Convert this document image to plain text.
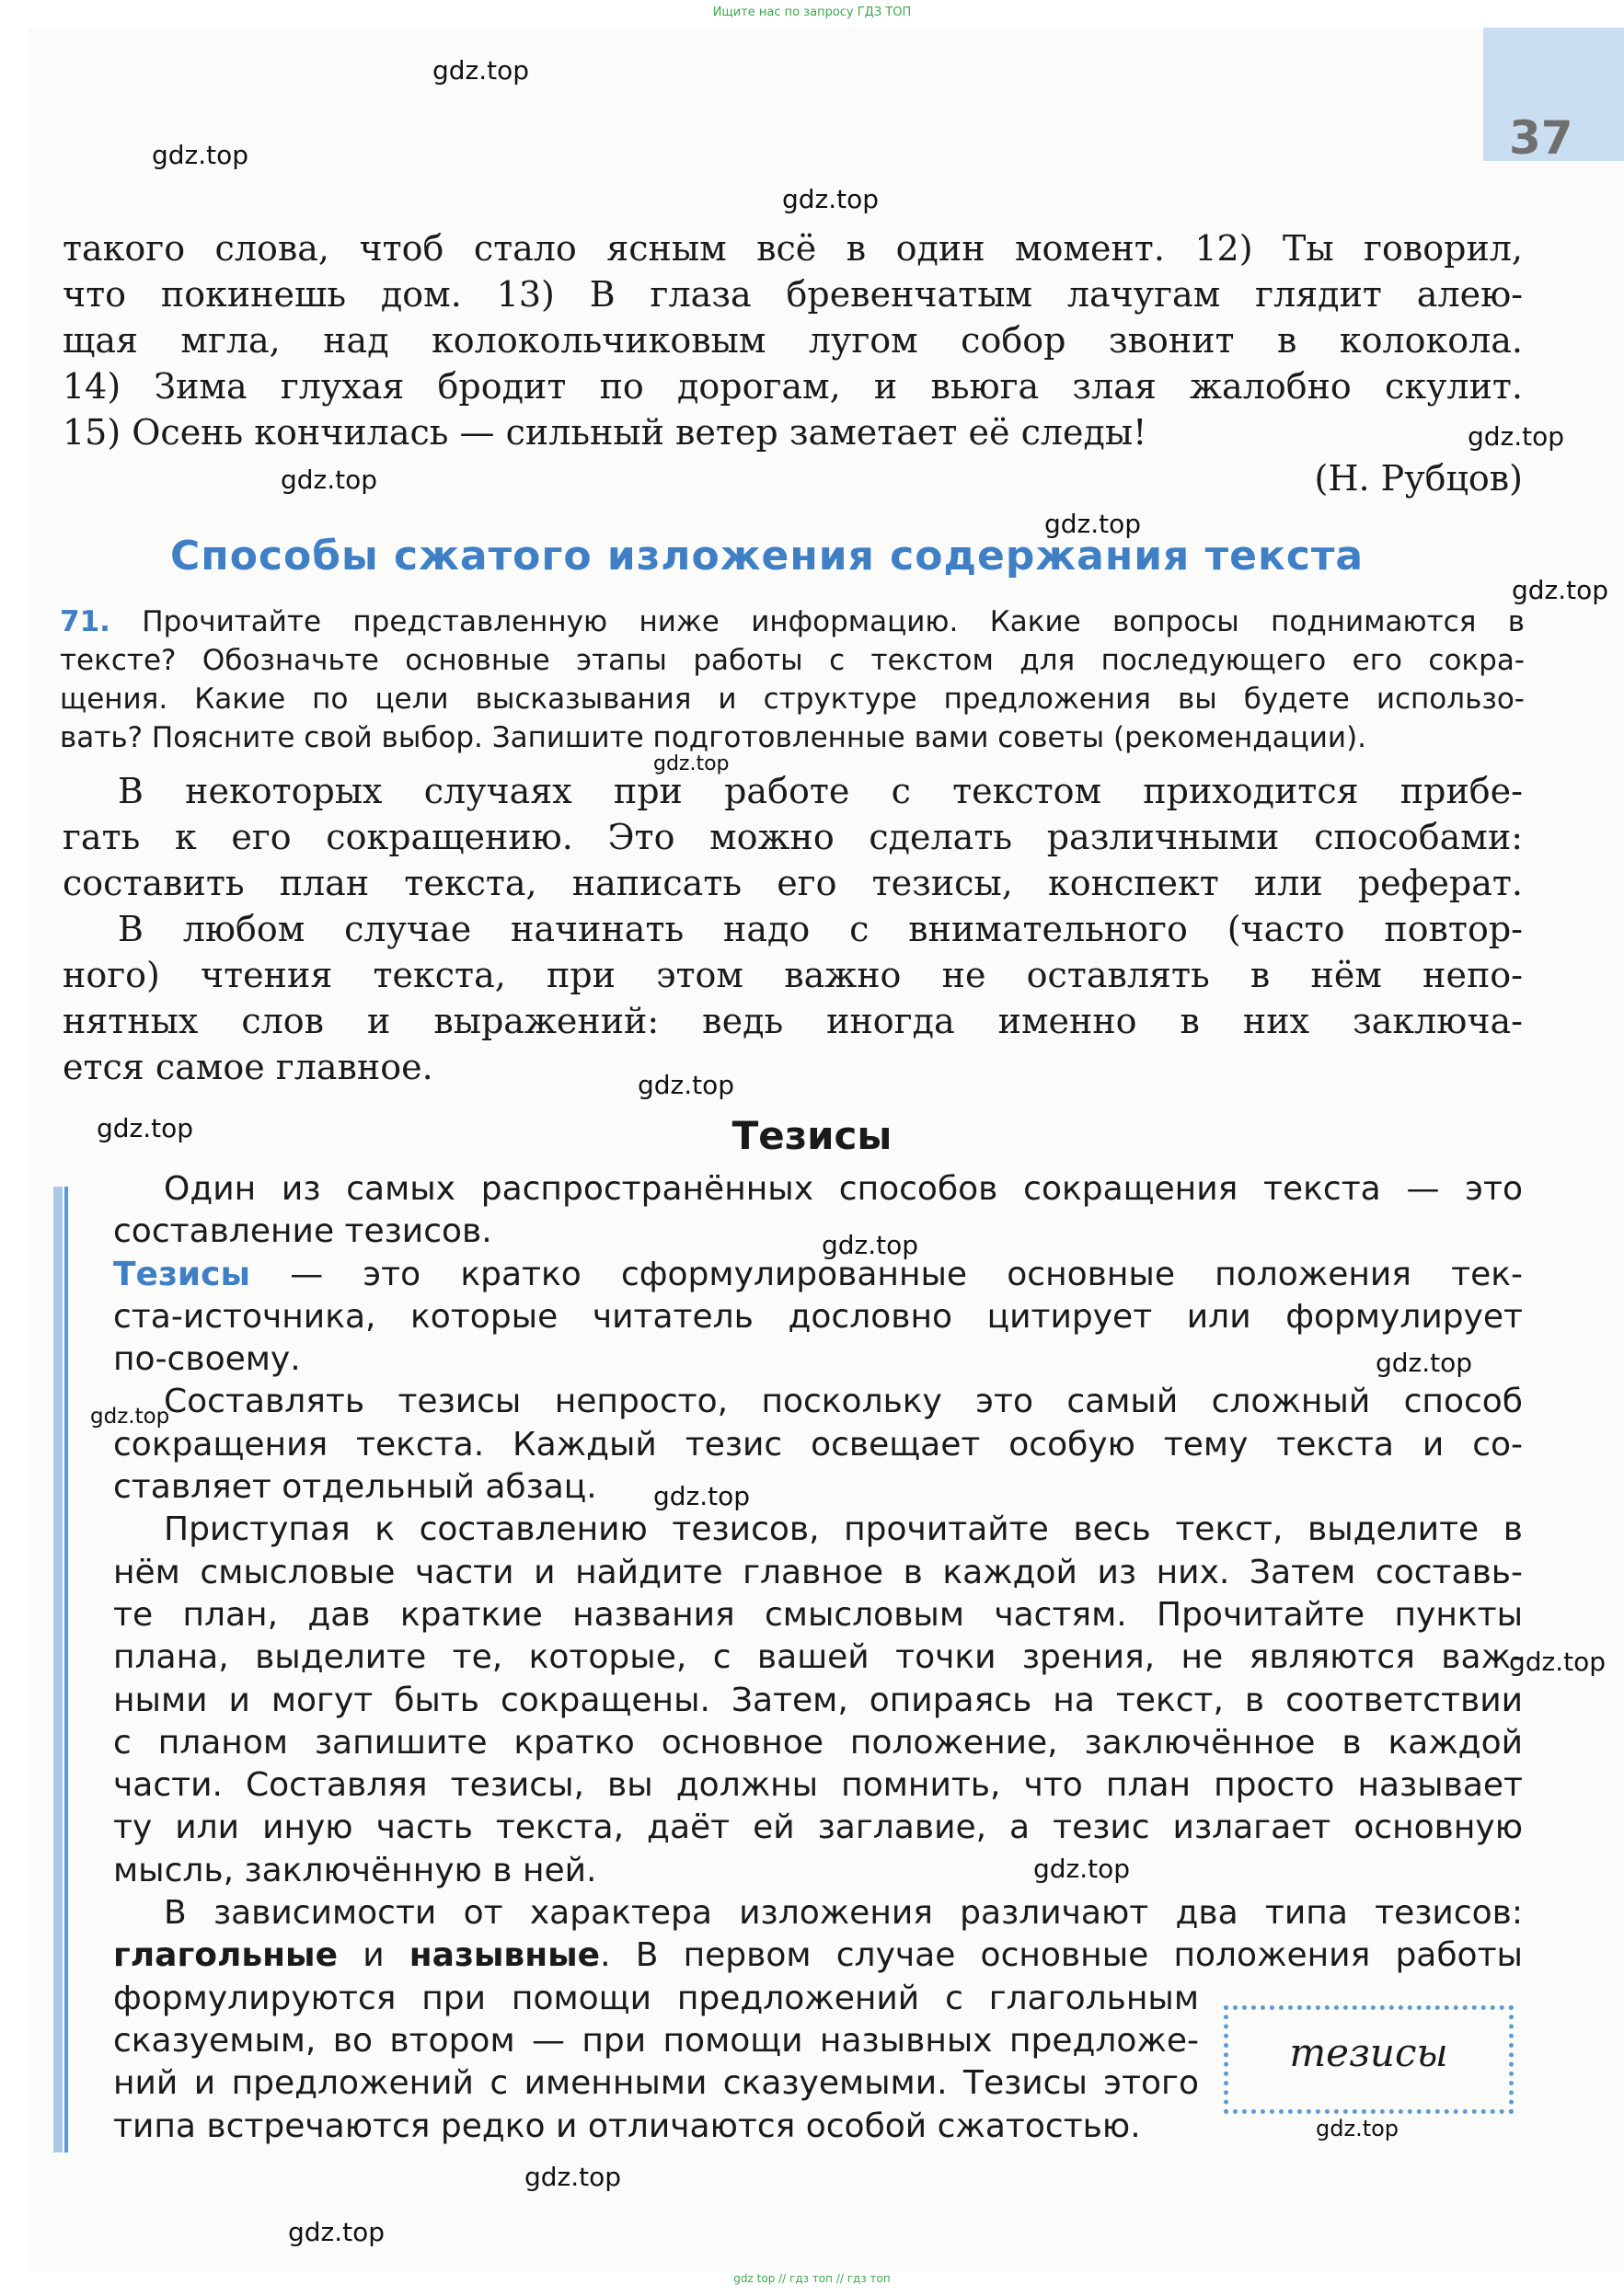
37
Ищите нас по запросу ГДЗ ТОП
такого слова, чтоб стало ясным всё в один момент. 12) Ты говорил,
что покинешь дом. 13) В глаза бревенчатым лачугам глядит алею-
щая мгла, над колокольчиковым лугом собор звонит в колокола.
14) Зима глухая бродит по дорогам, и вьюга злая жалобно скулит.
15) Осень кончилась — сильный ветер заметает её следы!
(Н. Рубцов)
Способы сжатого изложения содержания текста
71. Прочитайте представленную ниже информацию. Какие вопросы поднимаются в
тексте? Обозначьте основные этапы работы с текстом для последующего его сокра-
щения. Какие по цели высказывания и структуре предложения вы будете использо-
вать? Поясните свой выбор. Запишите подготовленные вами советы (рекомендации).
В некоторых случаях при работе с текстом приходится прибе-
гать к его сокращению. Это можно сделать различными способами:
составить план текста, написать его тезисы, конспект или реферат.
В любом случае начинать надо с внимательного (часто повтор-
ного) чтения текста, при этом важно не оставлять в нём непо-
нятных слов и выражений: ведь иногда именно в них заключа-
ется самое главное.
Тезисы
Один из самых распространённых способов сокращения текста — это
составление тезисов.
Тезисы — это кратко сформулированные основные положения тек-
ста-источника, которые читатель дословно цитирует или формулирует
по-своему.
Составлять тезисы непросто, поскольку это самый сложный способ
сокращения текста. Каждый тезис освещает особую тему текста и со-
ставляет отдельный абзац.
Приступая к составлению тезисов, прочитайте весь текст, выделите в
нём смысловые части и найдите главное в каждой из них. Затем составь-
те план, дав краткие названия смысловым частям. Прочитайте пункты
плана, выделите те, которые, с вашей точки зрения, не являются важ-
ными и могут быть сокращены. Затем, опираясь на текст, в соответствии
с планом запишите кратко основное положение, заключённое в каждой
части. Составляя тезисы, вы должны помнить, что план просто называет
ту или иную часть текста, даёт ей заглавие, а тезис излагает основную
мысль, заключённую в ней.
В зависимости от характера изложения различают два типа тезисов:
глагольные и назывные. В первом случае основные положения работы
формулируются при помощи предложений с глагольным
сказуемым, во втором — при помощи назывных предложе-
ний и предложений с именными сказуемыми. Тезисы этого
типа встречаются редко и отличаются особой сжатостью.
тезисы
gdz.top
gdz.top
gdz.top
gdz.top
gdz.top
gdz.top
gdz.top
gdz.top
gdz.top
gdz.top
gdz.top
gdz.top
gdz.top
gdz.top
gdz.top
gdz.top
gdz.top
gdz.top
gdz.top
gdz top // гдз топ // гдз топ
